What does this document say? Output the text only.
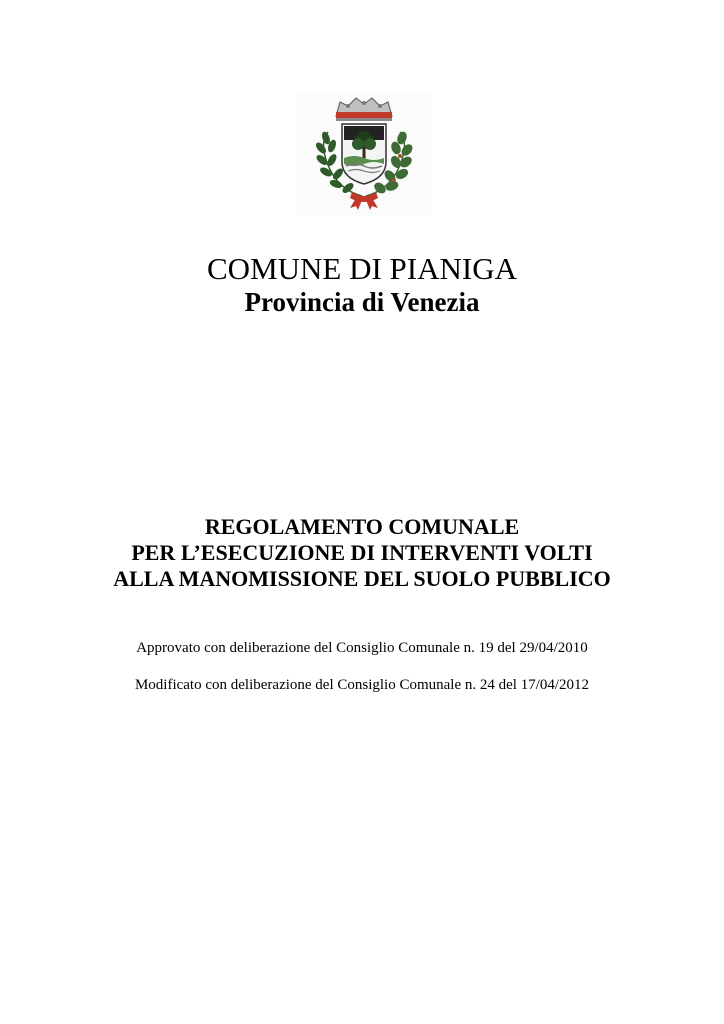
COMUNE DI PIANIGA
Provincia di Venezia
REGOLAMENTO COMUNALE
PER L’ESECUZIONE DI INTERVENTI VOLTI
ALLA MANOMISSIONE DEL SUOLO PUBBLICO
Approvato con deliberazione del Consiglio Comunale n. 19 del 29/04/2010
Modificato con deliberazione del Consiglio Comunale n. 24 del 17/04/2012
